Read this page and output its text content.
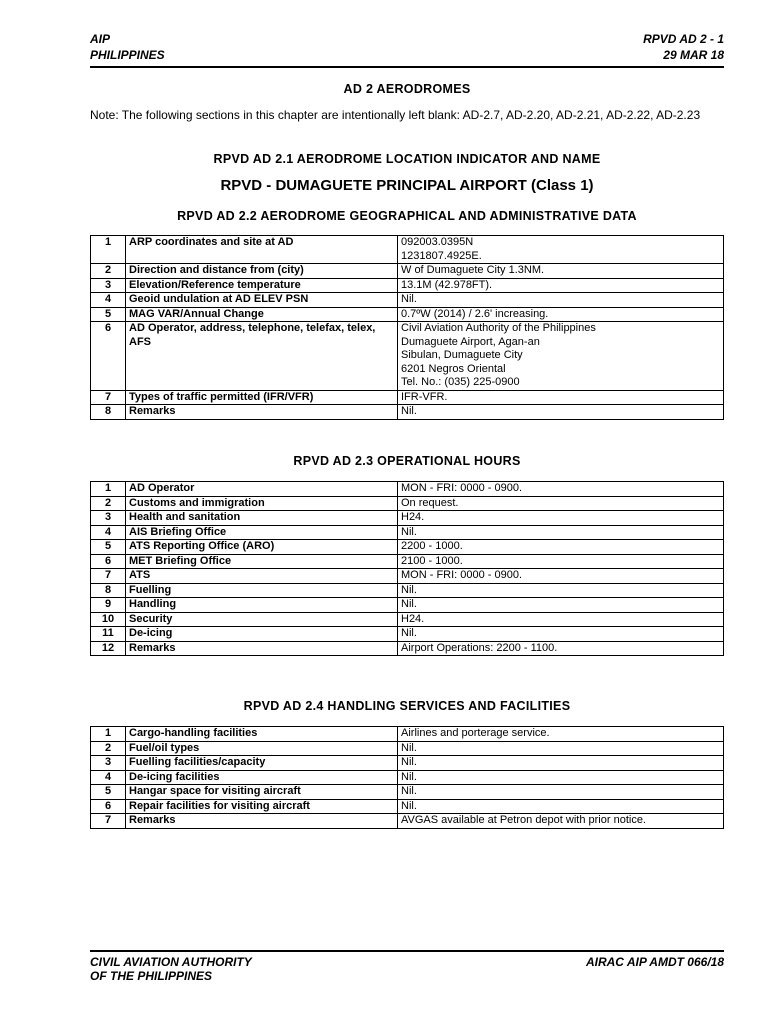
AIP
PHILIPPINES
RPVD AD 2 - 1
29 MAR 18
AD 2 AERODROMES
Note: The following sections in this chapter are intentionally left blank: AD-2.7, AD-2.20, AD-2.21, AD-2.22, AD-2.23
RPVD AD 2.1 AERODROME LOCATION INDICATOR AND NAME
RPVD - DUMAGUETE PRINCIPAL AIRPORT (Class 1)
RPVD AD 2.2 AERODROME GEOGRAPHICAL AND ADMINISTRATIVE DATA
1	ARP coordinates and site at AD	092003.0395N
1231807.4925E.
2	Direction and distance from (city)	W of Dumaguete City 1.3NM.
3	Elevation/Reference temperature	13.1M (42.978FT).
4	Geoid undulation at AD ELEV PSN	Nil.
5	MAG VAR/Annual Change	0.7ºW (2014) / 2.6' increasing.
6	AD Operator, address, telephone, telefax, telex, AFS	Civil Aviation Authority of the Philippines
Dumaguete Airport, Agan-an
Sibulan, Dumaguete City
6201 Negros Oriental
Tel. No.: (035) 225-0900
7	Types of traffic permitted (IFR/VFR)	IFR-VFR.
8	Remarks	Nil.
RPVD AD 2.3 OPERATIONAL HOURS
1	AD Operator	MON - FRI: 0000 - 0900.
2	Customs and immigration	On request.
3	Health and sanitation	H24.
4	AIS Briefing Office	Nil.
5	ATS Reporting Office (ARO)	2200 - 1000.
6	MET Briefing Office	2100 - 1000.
7	ATS	MON - FRI: 0000 - 0900.
8	Fuelling	Nil.
9	Handling	Nil.
10	Security	H24.
11	De-icing	Nil.
12	Remarks	Airport Operations: 2200 - 1100.
RPVD AD 2.4 HANDLING SERVICES AND FACILITIES
1	Cargo-handling facilities	Airlines and porterage service.
2	Fuel/oil types	Nil.
3	Fuelling facilities/capacity	Nil.
4	De-icing facilities	Nil.
5	Hangar space for visiting aircraft	Nil.
6	Repair facilities for visiting aircraft	Nil.
7	Remarks	AVGAS available at Petron depot with prior notice.
CIVIL AVIATION AUTHORITY
OF THE PHILIPPINES
AIRAC AIP AMDT 066/18
